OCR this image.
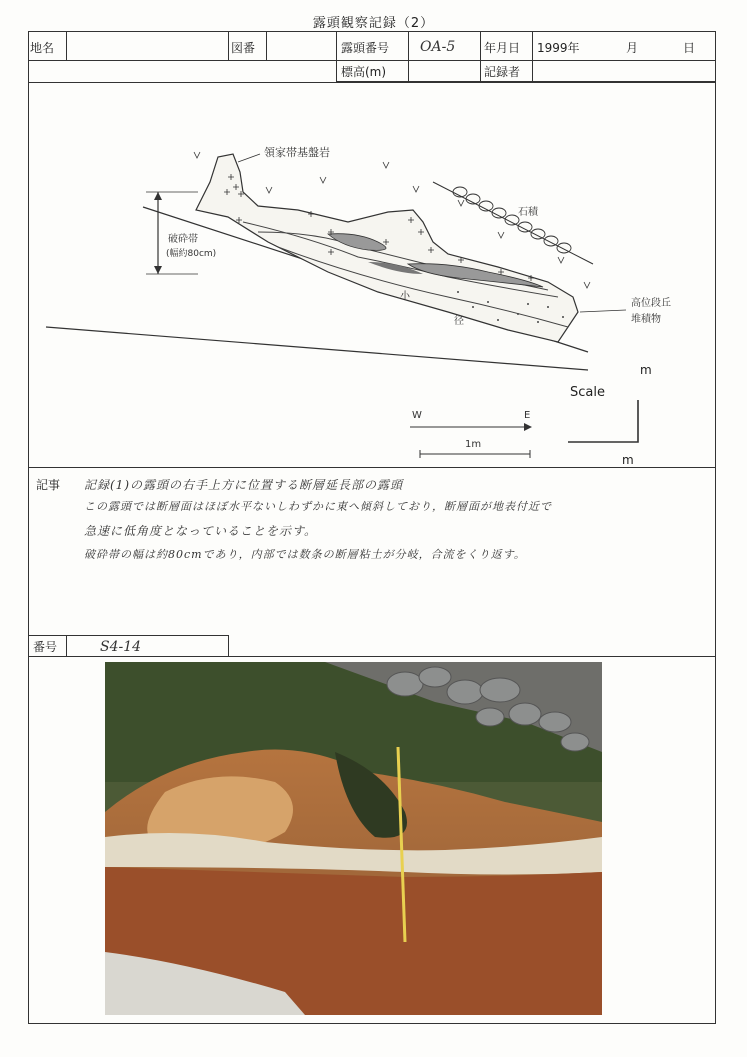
露頭観察記録（2）
地名	図番	露頭番号 OA-5 年月日 1999年	月	日
標高(m)	記録者
領家帯基盤岩
破砕帯
(幅約80cm)
石積
小
径
高位段丘
堆積物
m
Scale
m
W	E
1m
記事 記録(1)の露頭の右手上方に位置する断層延長部の露頭
この露頭では断層面はほぼ水平ないしわずかに東へ傾斜しており，断層面が地表付近で
急速に低角度となっていることを示す。
破砕帯の幅は約80cmであり，内部では数条の断層粘土が分岐，合流をくり返す。
番号	S4-14
